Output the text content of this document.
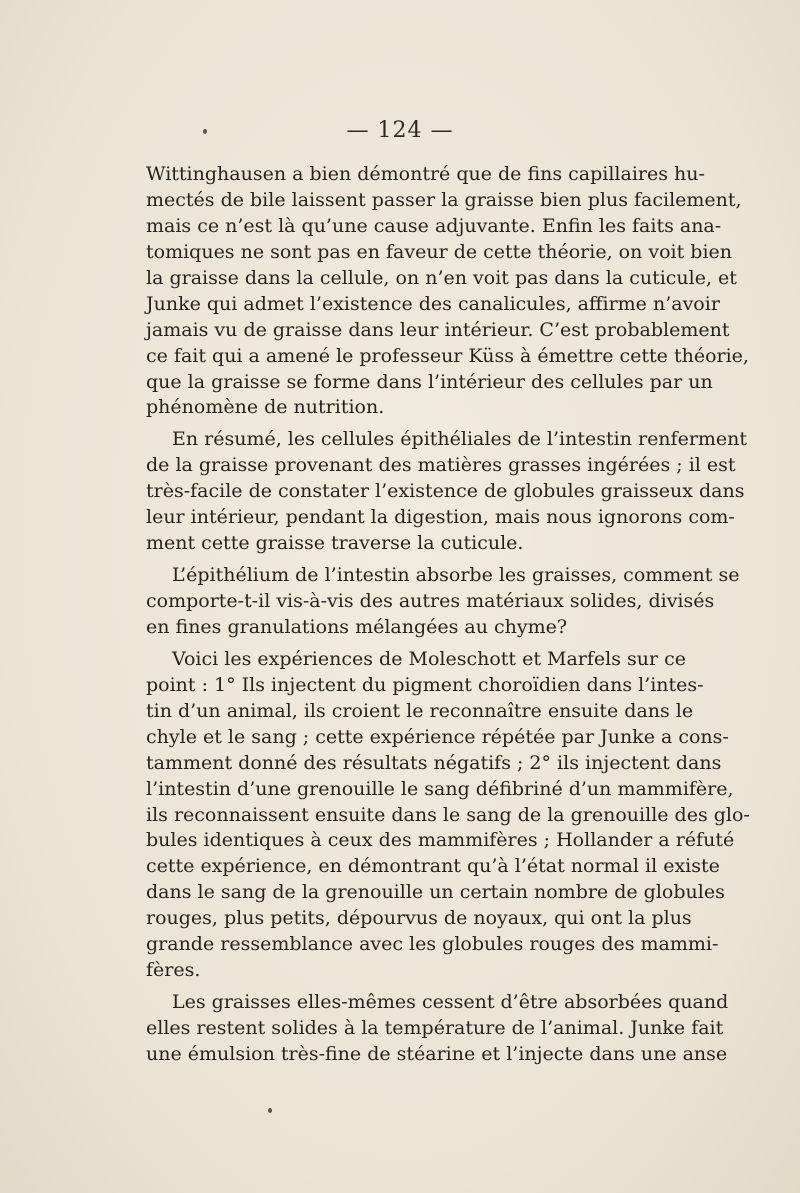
— 124 —
Wittinghausen a bien démontré que de fins capillaires hu-
mectés de bile laissent passer la graisse bien plus facilement,
mais ce n’est là qu’une cause adjuvante. Enfin les faits ana-
tomiques ne sont pas en faveur de cette théorie, on voit bien
la graisse dans la cellule, on n’en voit pas dans la cuticule, et
Junke qui admet l’existence des canalicules, affirme n’avoir
jamais vu de graisse dans leur intérieur. C’est probablement
ce fait qui a amené le professeur Küss à émettre cette théorie,
que la graisse se forme dans l’intérieur des cellules par un
phénomène de nutrition.
En résumé, les cellules épithéliales de l’intestin renferment
de la graisse provenant des matières grasses ingérées ; il est
très-facile de constater l’existence de globules graisseux dans
leur intérieur, pendant la digestion, mais nous ignorons com-
ment cette graisse traverse la cuticule.
L’épithélium de l’intestin absorbe les graisses, comment se
comporte-t-il vis-à-vis des autres matériaux solides, divisés
en fines granulations mélangées au chyme?
Voici les expériences de Moleschott et Marfels sur ce
point : 1° Ils injectent du pigment choroïdien dans l’intes-
tin d’un animal, ils croient le reconnaître ensuite dans le
chyle et le sang ; cette expérience répétée par Junke a cons-
tamment donné des résultats négatifs ; 2° ils injectent dans
l’intestin d’une grenouille le sang défibriné d’un mammifère,
ils reconnaissent ensuite dans le sang de la grenouille des glo-
bules identiques à ceux des mammifères ; Hollander a réfuté
cette expérience, en démontrant qu’à l’état normal il existe
dans le sang de la grenouille un certain nombre de globules
rouges, plus petits, dépourvus de noyaux, qui ont la plus
grande ressemblance avec les globules rouges des mammi-
fères.
Les graisses elles-mêmes cessent d’être absorbées quand
elles restent solides à la température de l’animal. Junke fait
une émulsion très-fine de stéarine et l’injecte dans une anse
